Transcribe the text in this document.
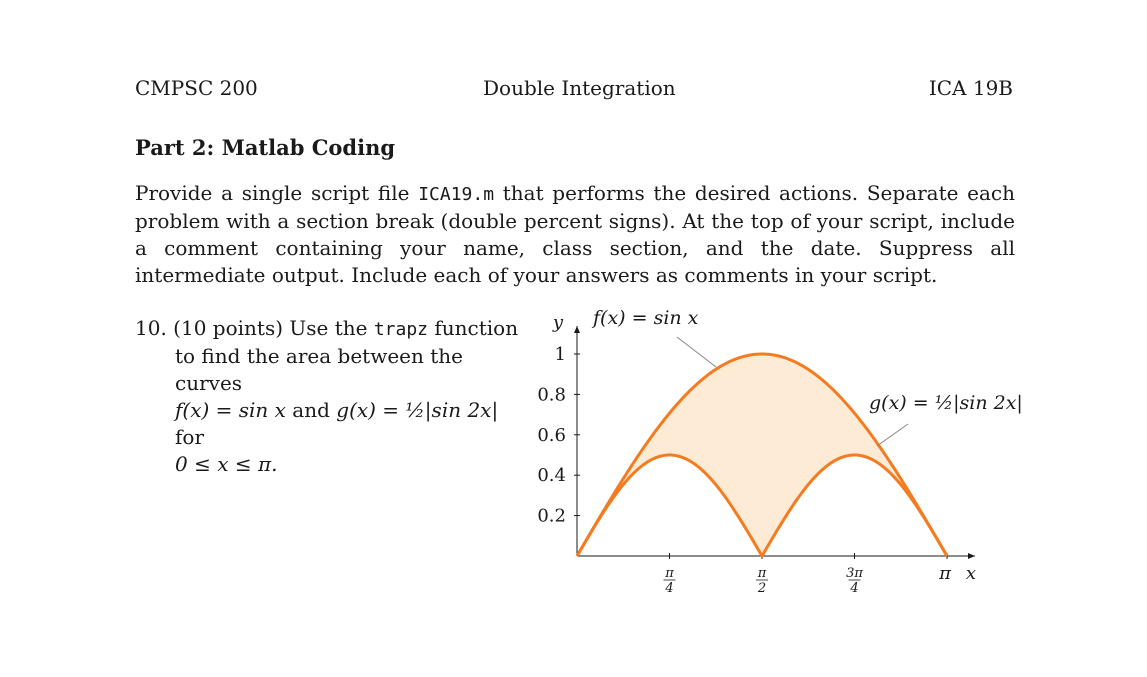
CMPSC 200	Double Integration	ICA 19B
Part 2: Matlab Coding
Provide a single script file ICA19.m that performs the desired actions. Separate each problem with a section break (double percent signs). At the top of your script, include a comment containing your name, class section, and the date. Suppress all intermediate output. Include each of your answers as comments in your script.
10. (10 points) Use the trapz function
to find the area between the curves
f(x) = sin x and g(x) = ½|sin 2x| for
0 ≤ x ≤ π.
0.2
0.4
0.6
0.8
1
π
4
π
2
3π
4
π x
y f(x) = sin x
g(x) = ½|sin 2x|
